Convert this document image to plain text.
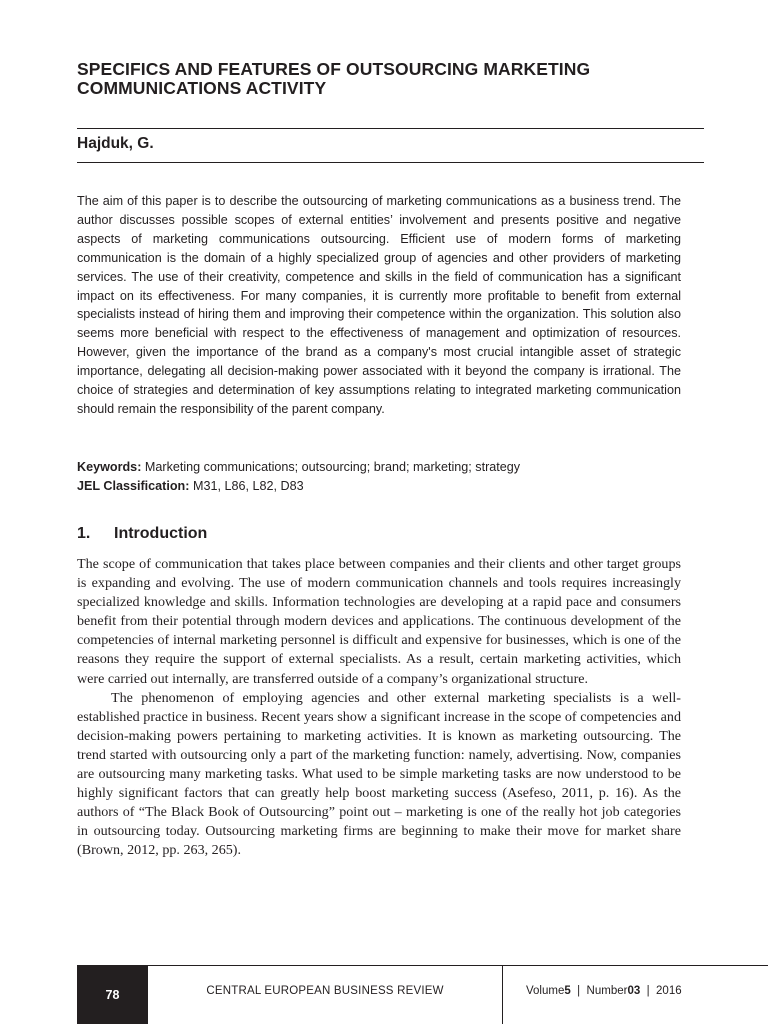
SPECIFICS AND FEATURES OF OUTSOURCING MARKETING COMMUNICATIONS ACTIVITY
Hajduk, G.

The aim of this paper is to describe the outsourcing of marketing communications as a business trend. The author discusses possible scopes of external entities’ involvement and presents positive and negative aspects of marketing communications outsourcing. Efficient use of modern forms of marketing communication is the domain of a highly specialized group of agencies and other providers of marketing services. The use of their creativity, competence and skills in the field of communication has a significant impact on its effectiveness. For many companies, it is currently more profitable to benefit from external specialists instead of hiring them and improving their competence within the organization. This solution also seems more beneficial with respect to the effectiveness of management and optimization of resources. However, given the importance of the brand as a company's most crucial intangible asset of strategic importance, delegating all decision-making power associated with it beyond the company is irrational. The choice of strategies and determination of key assumptions relating to integrated marketing communication should remain the responsibility of the parent company.

Keywords: Marketing communications; outsourcing; brand; marketing; strategy
JEL Classification: M31, L86, L82, D83
1. Introduction

The scope of communication that takes place between companies and their clients and other target groups is expanding and evolving. The use of modern communication channels and tools requires increasingly specialized knowledge and skills. Information technologies are developing at a rapid pace and consumers benefit from their potential through modern devices and applications. The continuous development of the competencies of internal marketing personnel is difficult and expensive for businesses, which is one of the reasons they require the support of external specialists. As a result, certain marketing activities, which were carried out internally, are transferred outside of a company’s organizational structure.

The phenomenon of employing agencies and other external marketing specialists is a well-established practice in business. Recent years show a significant increase in the scope of competencies and decision-making powers pertaining to marketing activities. It is known as marketing outsourcing. The trend started with outsourcing only a part of the marketing function: namely, advertising. Now, companies are outsourcing many marketing tasks. What used to be simple marketing tasks are now understood to be highly significant factors that can greatly help boost marketing success (Asefeso, 2011, p. 16). As the authors of “The Black Book of Outsourcing” point out – marketing is one of the really hot job categories in outsourcing today. Outsourcing marketing firms are beginning to make their move for market share (Brown, 2012, pp. 263, 265).

78	CENTRAL EUROPEAN BUSINESS REVIEW	Volume 5 | Number 03 | 2016
